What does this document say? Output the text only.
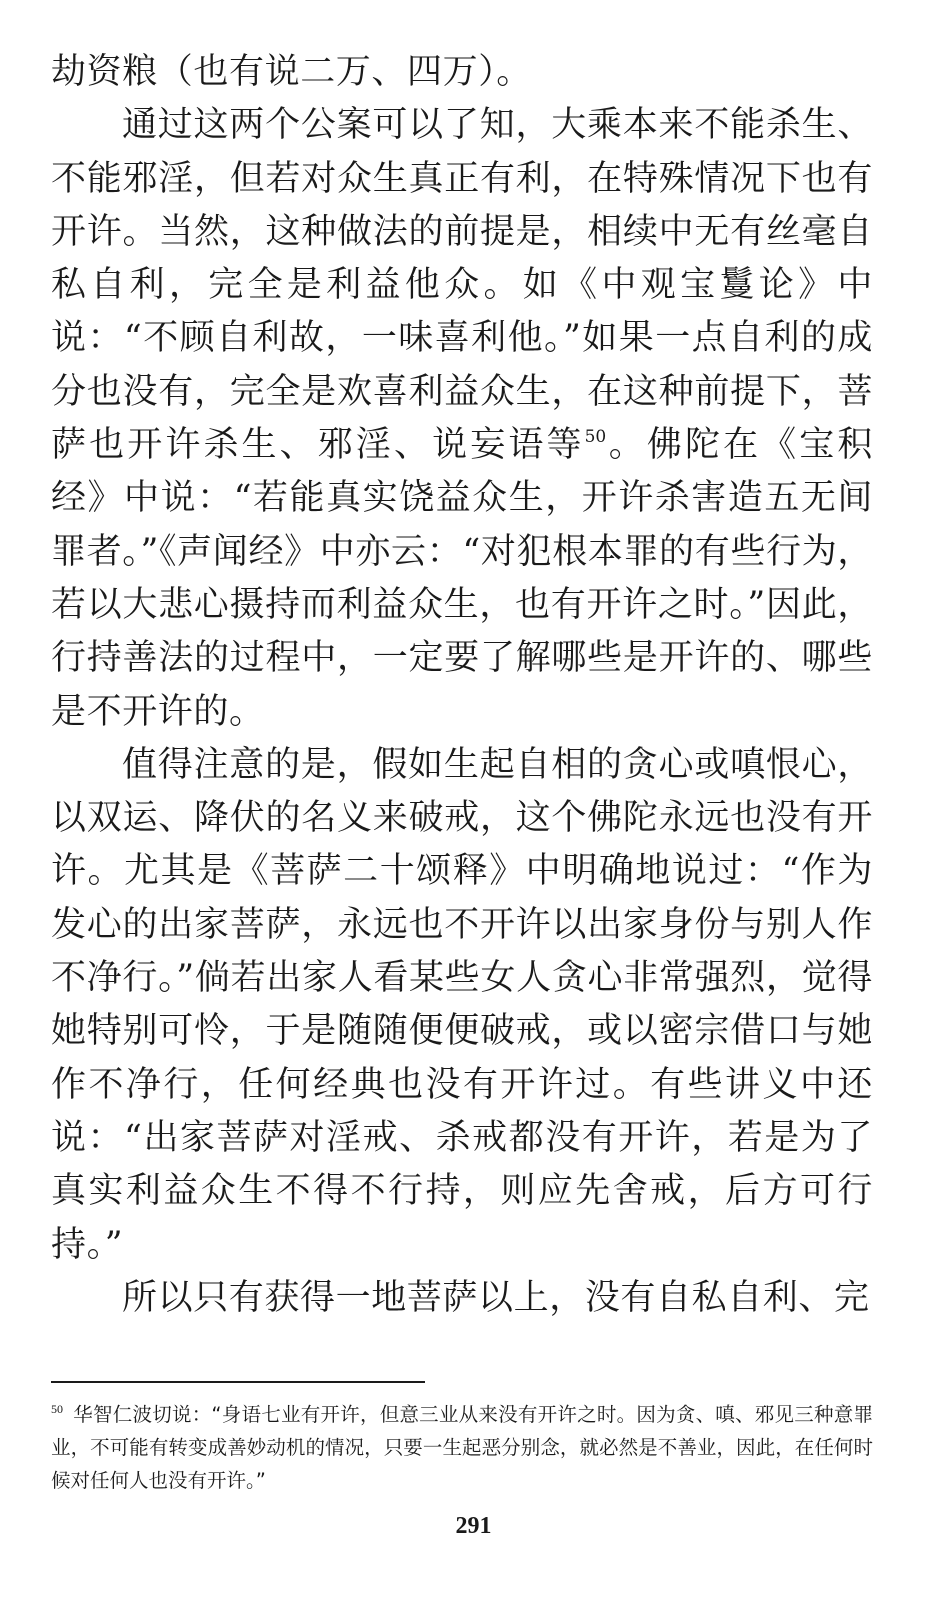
劫资粮（也有说二万、四万）。

通过这两个公案可以了知，大乘本来不能杀生、不能邪淫，但若对众生真正有利，在特殊情况下也有开许。当然，这种做法的前提是，相续中无有丝毫自私自利，完全是利益他众。如《中观宝鬘论》中说：“不顾自利故，一味喜利他。”如果一点自利的成分也没有，完全是欢喜利益众生，在这种前提下，菩萨也开许杀生、邪淫、说妄语等$^{50}$。佛陀在《宝积经》中说：“若能真实饶益众生，开许杀害造五无间罪者。”《声闻经》中亦云：“对犯根本罪的有些行为，若以大悲心摄持而利益众生，也有开许之时。”因此，行持善法的过程中，一定要了解哪些是开许的、哪些是不开许的。

值得注意的是，假如生起自相的贪心或嗔恨心，以双运、降伏的名义来破戒，这个佛陀永远也没有开许。尤其是《菩萨二十颂释》中明确地说过：“作为发心的出家菩萨，永远也不开许以出家身份与别人作不净行。”倘若出家人看某些女人贪心非常强烈，觉得她特别可怜，于是随随便便破戒，或以密宗借口与她作不净行，任何经典也没有开许过。有些讲义中还说：“出家菩萨对淫戒、杀戒都没有开许，若是为了真实利益众生不得不行持，则应先舍戒，后方可行持。”

所以只有获得一地菩萨以上，没有自私自利、完

$^{50}$ 华智仁波切说：“身语七业有开许，但意三业从来没有开许之时。因为贪、嗔、邪见三种意罪业，不可能有转变成善妙动机的情况，只要一生起恶分别念，就必然是不善业，因此，在任何时候对任何人也没有开许。”

291
